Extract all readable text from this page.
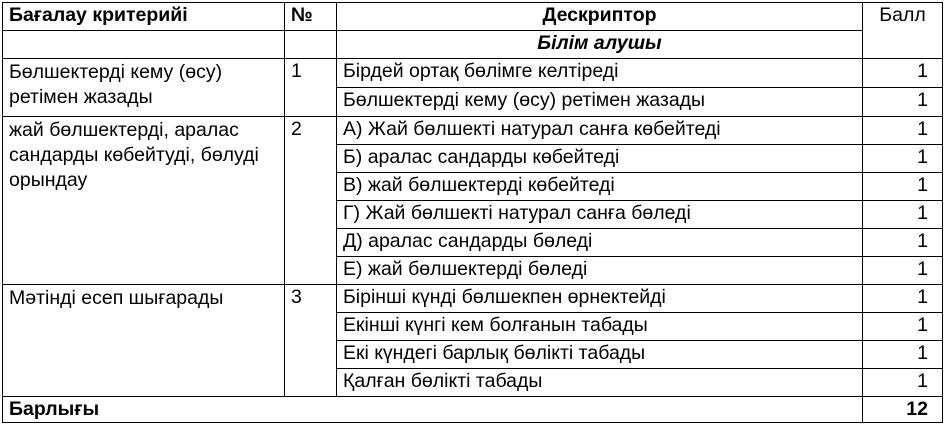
Бағалау критерийі	№	Дескриптор	Балл
		Білім алушы	
Бөлшектерді кему (өсу) ретімен жазады	1	Бірдей ортақ бөлімге келтіреді	1
		Бөлшектерді кему (өсу) ретімен жазады	1
жай бөлшектерді, аралас сандарды көбейтуді, бөлуді орындау	2	А) Жай бөлшекті натурал санға көбейтеді	1
		Б) аралас сандарды көбейтеді	1
		В) жай бөлшектерді көбейтеді	1
		Г) Жай бөлшекті натурал санға бөледі	1
		Д) аралас сандарды бөледі	1
		Е) жай бөлшектерді бөледі	1
Мәтінді есеп шығарады	3	Бірінші күнді бөлшекпен өрнектейді	1
		Екінші күнгі кем болғанын табады	1
		Екі күндегі барлық бөлікті табады	1
		Қалған бөлікті табады	1
Барлығы			12
